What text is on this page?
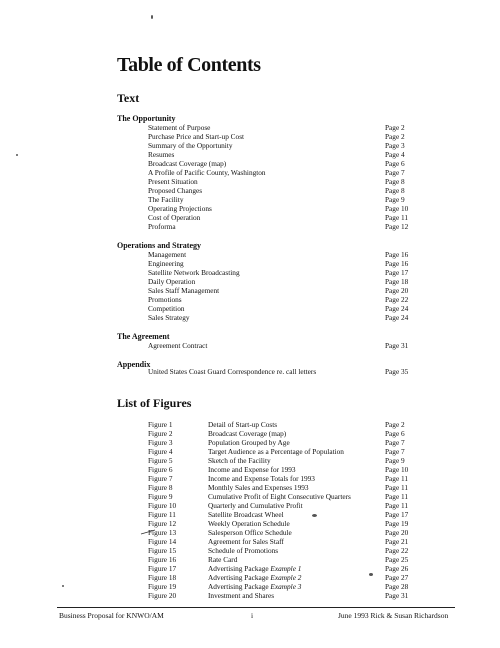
Table of Contents
Text
The Opportunity
Statement of Purpose	Page 2
Purchase Price and Start-up Cost	Page 2
Summary of the Opportunity	Page 3
Resumes	Page 4
Broadcast Coverage (map)	Page 6
A Profile of Pacific County, Washington	Page 7
Present Situation	Page 8
Proposed Changes	Page 8
The Facility	Page 9
Operating Projections	Page 10
Cost of Operation	Page 11
Proforma	Page 12
Operations and Strategy
Management	Page 16
Engineering	Page 16
Satellite Network Broadcasting	Page 17
Daily Operation	Page 18
Sales Staff Management	Page 20
Promotions	Page 22
Competition	Page 24
Sales Strategy	Page 24
The Agreement
Agreement Contract	Page 31
Appendix
United States Coast Guard Correspondence re. call letters	Page 35
List of Figures
Figure 1	Detail of Start-up Costs	Page 2
Figure 2	Broadcast Coverage (map)	Page 6
Figure 3	Population Grouped by Age	Page 7
Figure 4	Target Audience as a Percentage of Population	Page 7
Figure 5	Sketch of the Facility	Page 9
Figure 6	Income and Expense for 1993	Page 10
Figure 7	Income and Expense Totals for 1993	Page 11
Figure 8	Monthly Sales and Expenses 1993	Page 11
Figure 9	Cumulative Profit of Eight Consecutive Quarters	Page 11
Figure 10	Quarterly and Cumulative Profit	Page 11
Figure 11	Satellite Broadcast Wheel	Page 17
Figure 12	Weekly Operation Schedule	Page 19
Figure 13	Salesperson Office Schedule	Page 20
Figure 14	Agreement for Sales Staff	Page 21
Figure 15	Schedule of Promotions	Page 22
Figure 16	Rate Card	Page 25
Figure 17	Advertising Package Example 1	Page 26
Figure 18	Advertising Package Example 2	Page 27
Figure 19	Advertising Package Example 3	Page 28
Figure 20	Investment and Shares	Page 31
Business Proposal for KNWO/AM	i	June 1993 Rick & Susan Richardson
